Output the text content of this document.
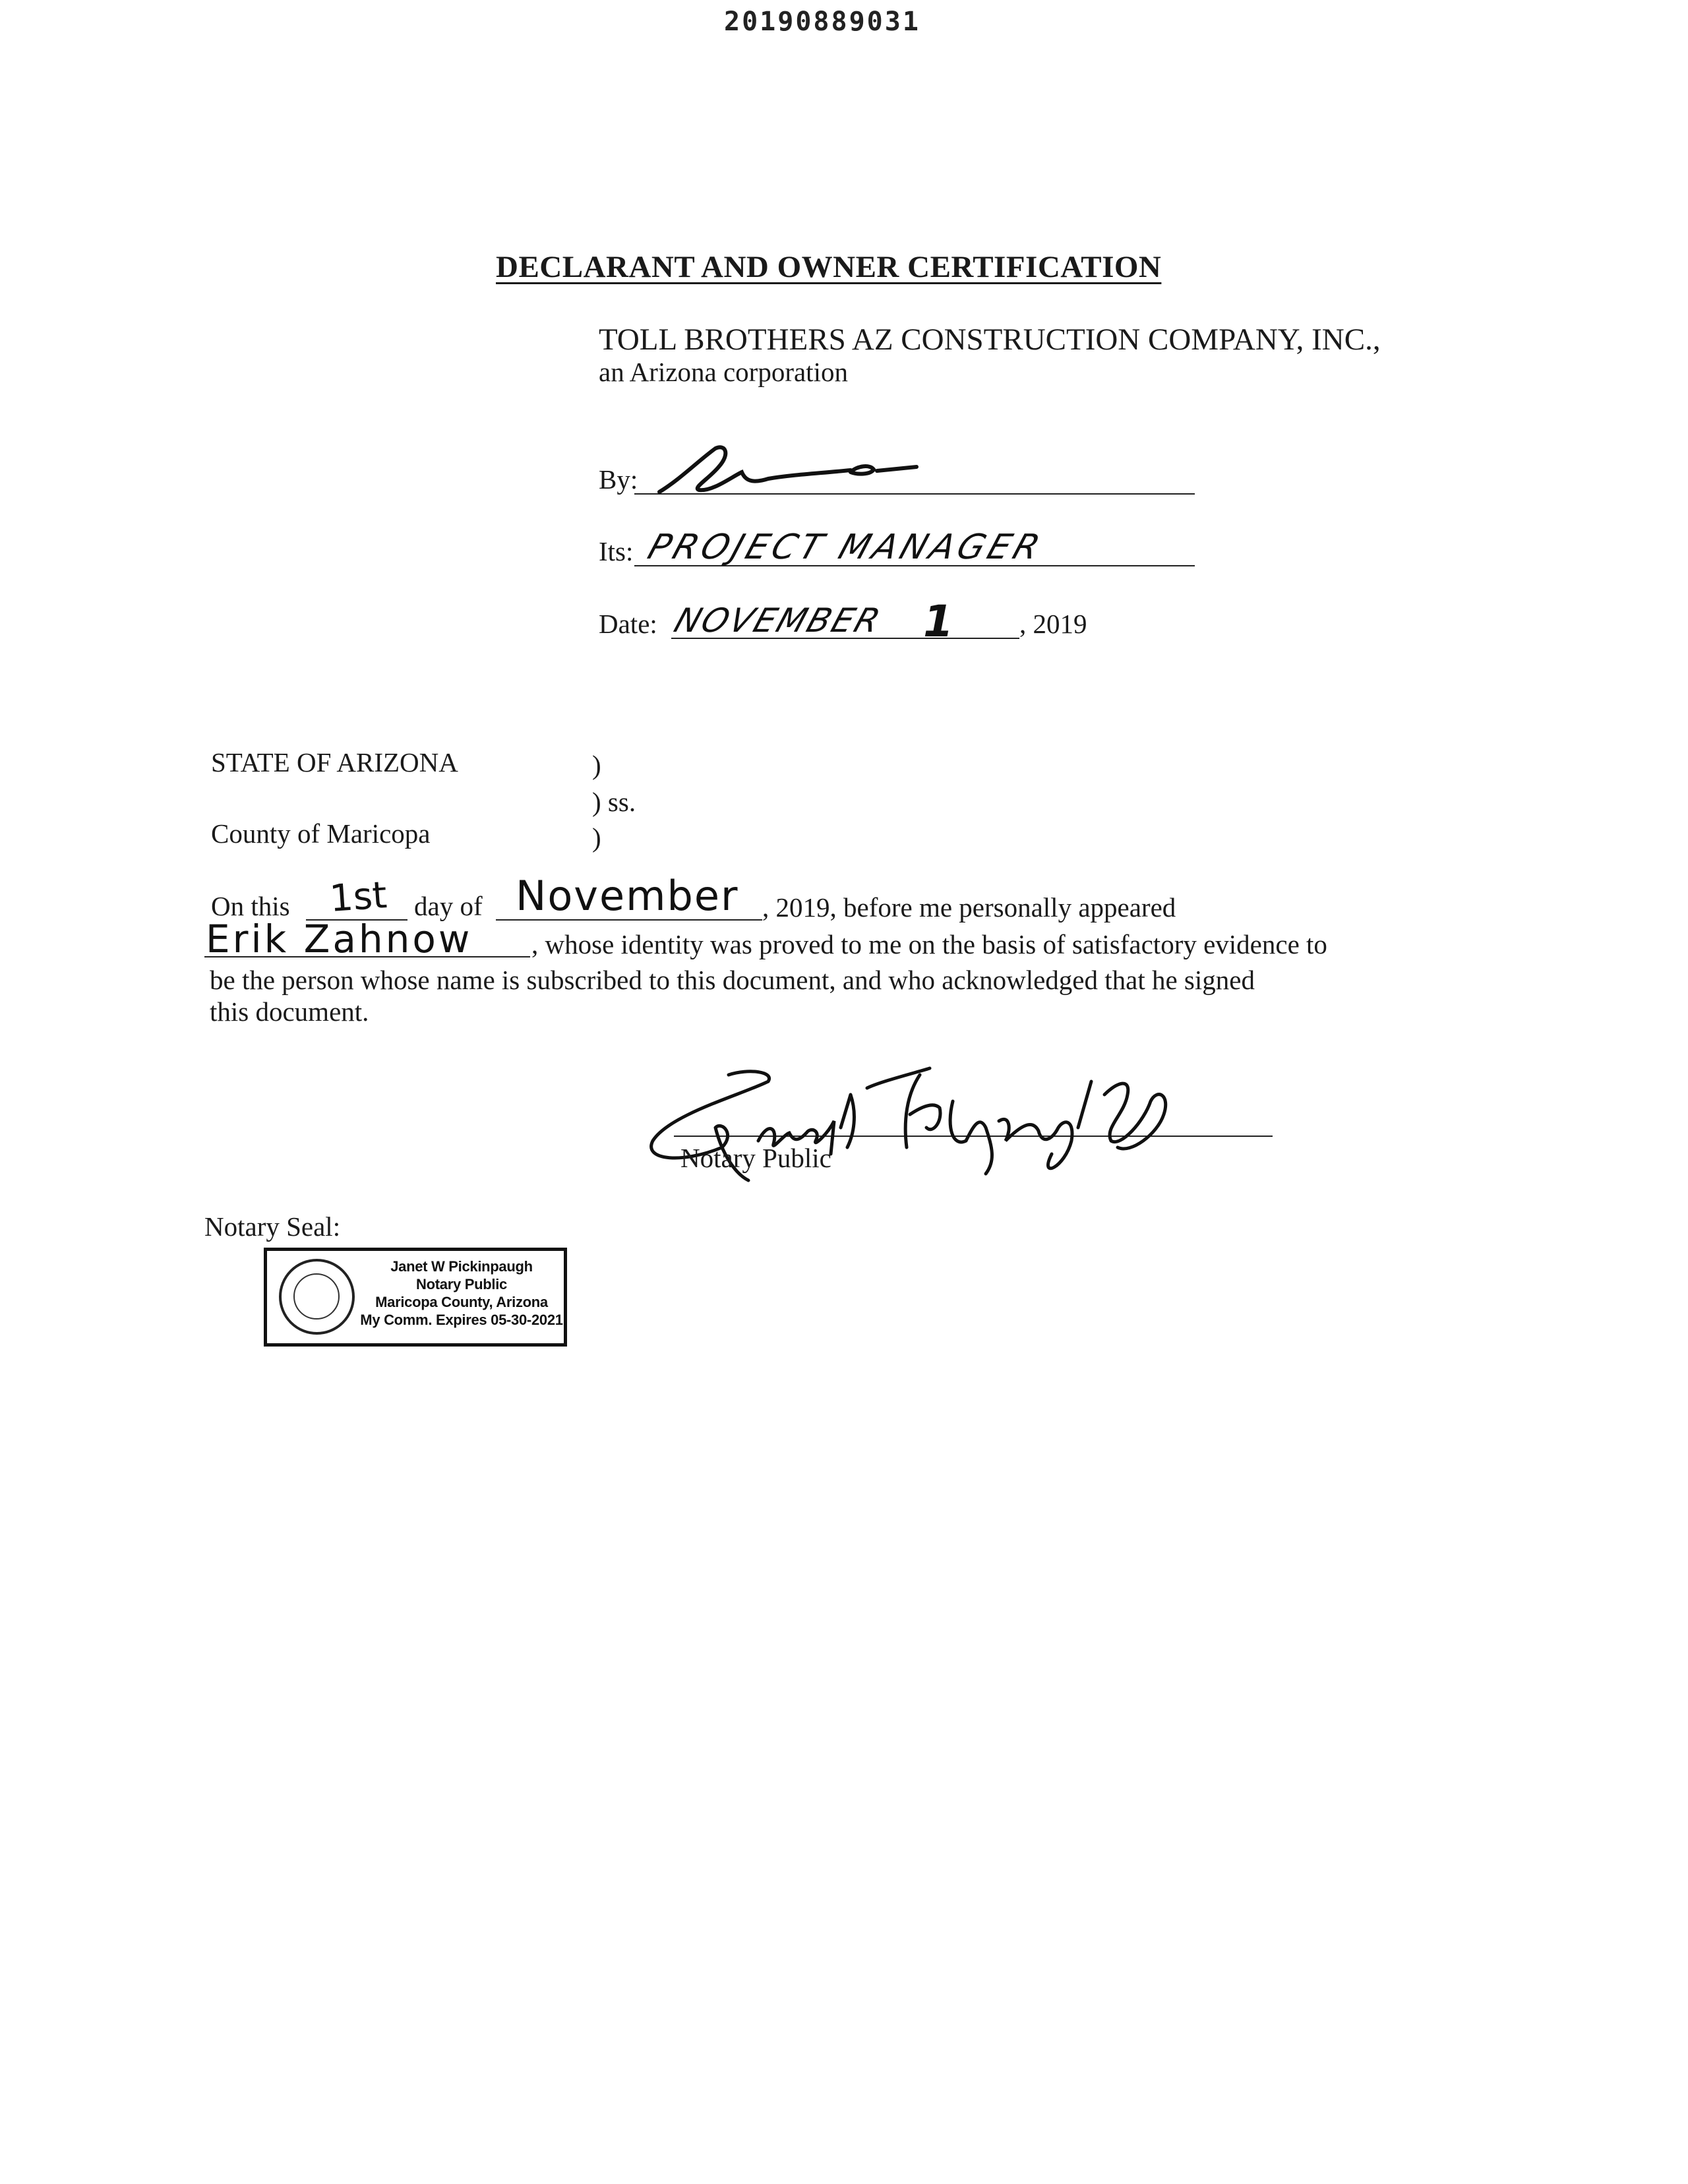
20190889031
DECLARANT AND OWNER CERTIFICATION
TOLL BROTHERS AZ CONSTRUCTION COMPANY, INC.,
an Arizona corporation
By:
Its: PROJECT MANAGER
Date: NOVEMBER 1 , 2019
STATE OF ARIZONA	)
) ss.
County of Maricopa	)
On this 1st day of November , 2019, before me personally appeared
Erik Zahnow , whose identity was proved to me on the basis of satisfactory evidence to
be the person whose name is subscribed to this document, and who acknowledged that he signed
this document.
Notary Public
Notary Seal:
Janet W Pickinpaugh
Notary Public
Maricopa County, Arizona
My Comm. Expires 05-30-2021
